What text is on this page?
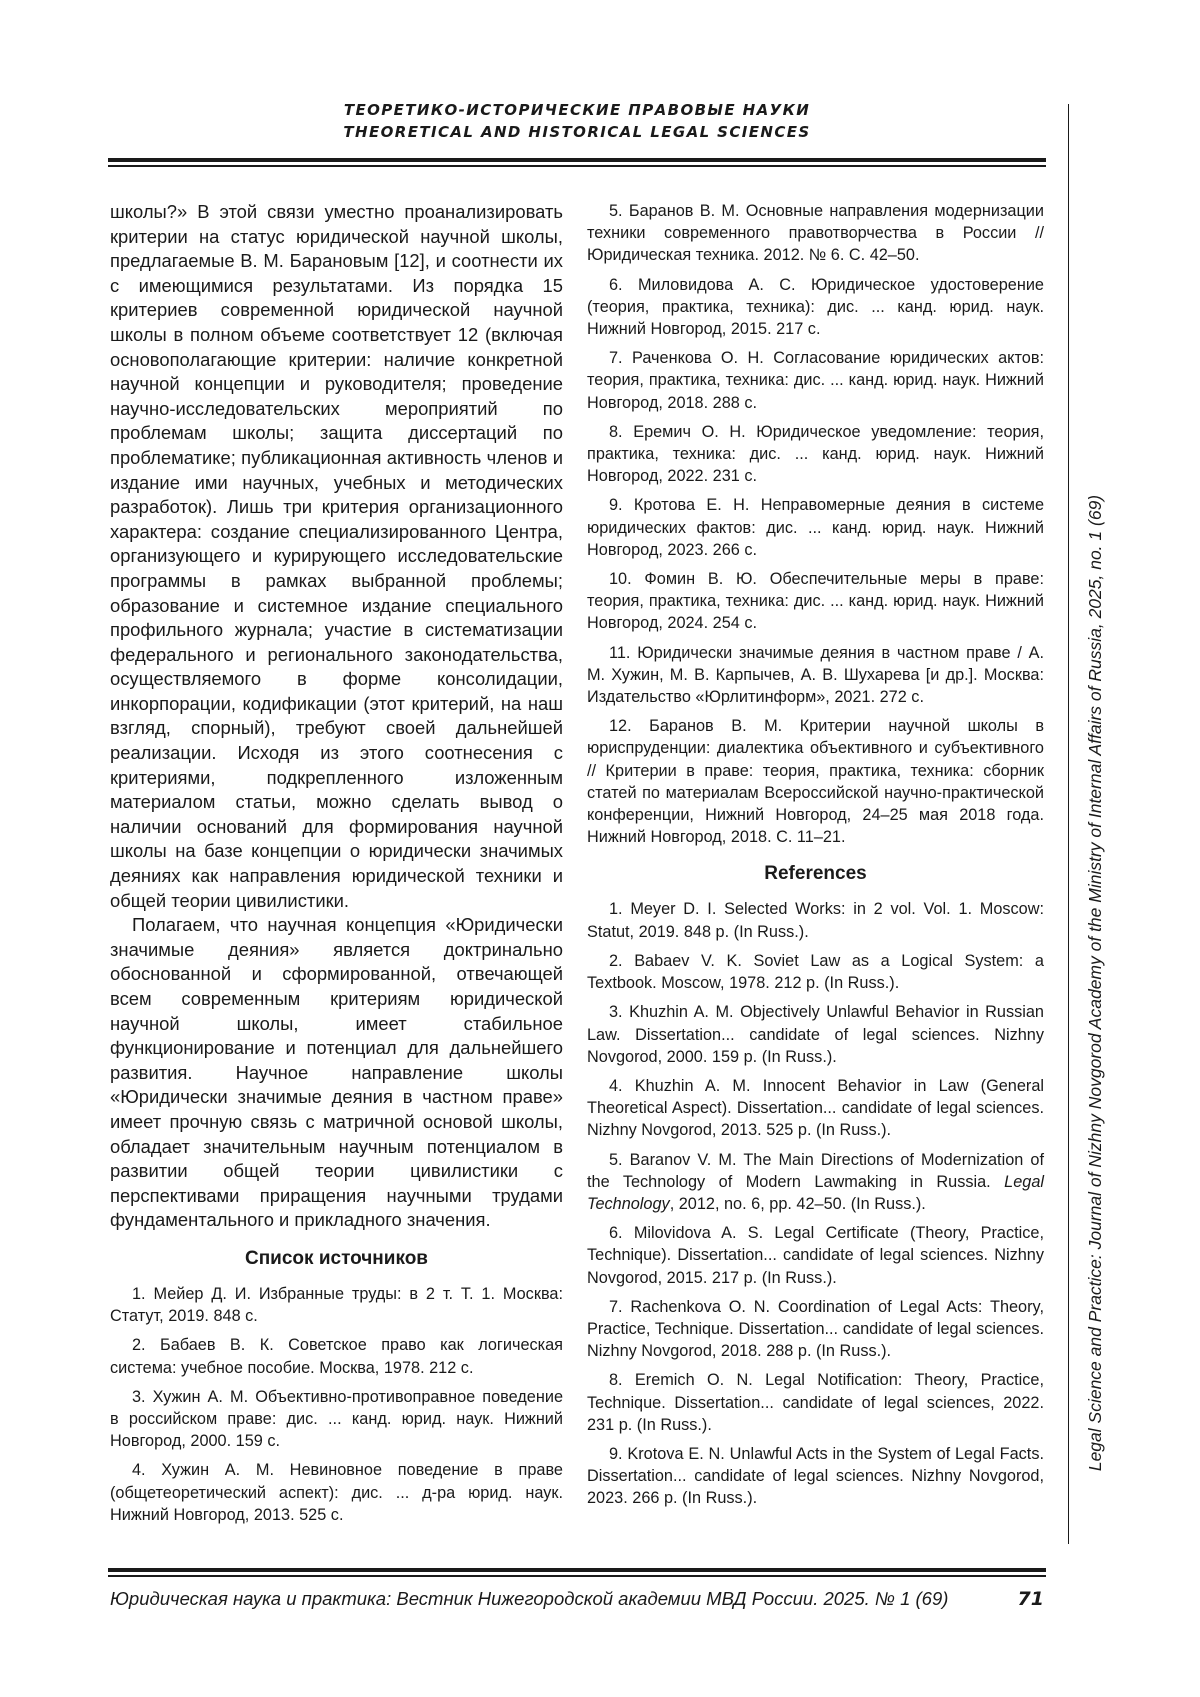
ТЕОРЕТИКО-ИСТОРИЧЕСКИЕ ПРАВОВЫЕ НАУКИ
THEORETICAL AND HISTORICAL LEGAL SCIENCES
Legal Science and Practice: Journal of Nizhny Novgorod Academy of the Ministry of Internal Affairs of Russia, 2025, no. 1 (69)

школы?» В этой связи уместно проанализировать критерии на статус юридической научной школы, предлагаемые В. М. Барановым [12], и соотнести их с имеющимися результатами. Из порядка 15 критериев современной юридической научной школы в полном объеме соответствует 12 (включая основополагающие критерии: наличие конкретной научной концепции и руководителя; проведение научно-исследовательских мероприятий по проблемам школы; защита диссертаций по проблематике; публикационная активность членов и издание ими научных, учебных и методических разработок). Лишь три критерия организационного характера: создание специализированного Центра, организующего и курирующего исследовательские программы в рамках выбранной проблемы; образование и системное издание специального профильного журнала; участие в систематизации федерального и регионального законодательства, осуществляемого в форме консолидации, инкорпорации, кодификации (этот критерий, на наш взгляд, спорный), требуют своей дальнейшей реализации. Исходя из этого соотнесения с критериями, подкрепленного изложенным материалом статьи, можно сделать вывод о наличии оснований для формирования научной школы на базе концепции о юридически значимых деяниях как направления юридической техники и общей теории цивилистики.

Полагаем, что научная концепция «Юридически значимые деяния» является доктринально обоснованной и сформированной, отвечающей всем современным критериям юридической научной школы, имеет стабильное функционирование и потенциал для дальнейшего развития. Научное направление школы «Юридически значимые деяния в частном праве» имеет прочную связь с матричной основой школы, обладает значительным научным потенциалом в развитии общей теории цивилистики с перспективами приращения научными трудами фундаментального и прикладного значения.

Список источников

1. Мейер Д. И. Избранные труды: в 2 т. Т. 1. Москва: Статут, 2019. 848 с.

2. Бабаев В. К. Советское право как логическая система: учебное пособие. Москва, 1978. 212 с.

3. Хужин А. М. Объективно-противоправное поведение в российском праве: дис. ... канд. юрид. наук. Нижний Новгород, 2000. 159 с.

4. Хужин А. М. Невиновное поведение в праве (общетеоретический аспект): дис. ... д-ра юрид. наук. Нижний Новгород, 2013. 525 с.

5. Баранов В. М. Основные направления модернизации техники современного правотворчества в России // Юридическая техника. 2012. № 6. С. 42–50.

6. Миловидова А. С. Юридическое удостоверение (теория, практика, техника): дис. ... канд. юрид. наук. Нижний Новгород, 2015. 217 с.

7. Раченкова О. Н. Согласование юридических актов: теория, практика, техника: дис. ... канд. юрид. наук. Нижний Новгород, 2018. 288 с.

8. Еремич О. Н. Юридическое уведомление: теория, практика, техника: дис. ... канд. юрид. наук. Нижний Новгород, 2022. 231 с.

9. Кротова Е. Н. Неправомерные деяния в системе юридических фактов: дис. ... канд. юрид. наук. Нижний Новгород, 2023. 266 с.

10. Фомин В. Ю. Обеспечительные меры в праве: теория, практика, техника: дис. ... канд. юрид. наук. Нижний Новгород, 2024. 254 с.

11. Юридически значимые деяния в частном праве / А. М. Хужин, М. В. Карпычев, А. В. Шухарева [и др.]. Москва: Издательство «Юрлитинформ», 2021. 272 с.

12. Баранов В. М. Критерии научной школы в юриспруденции: диалектика объективного и субъективного // Критерии в праве: теория, практика, техника: сборник статей по материалам Всероссийской научно-практической конференции, Нижний Новгород, 24–25 мая 2018 года. Нижний Новгород, 2018. С. 11–21.

References

1. Meyer D. I. Selected Works: in 2 vol. Vol. 1. Moscow: Statut, 2019. 848 p. (In Russ.).

2. Babaev V. K. Soviet Law as a Logical System: a Textbook. Moscow, 1978. 212 p. (In Russ.).

3. Khuzhin A. M. Objectively Unlawful Behavior in Russian Law. Dissertation... candidate of legal sciences. Nizhny Novgorod, 2000. 159 p. (In Russ.).

4. Khuzhin A. M. Innocent Behavior in Law (General Theoretical Aspect). Dissertation... candidate of legal sciences. Nizhny Novgorod, 2013. 525 p. (In Russ.).

5. Baranov V. M. The Main Directions of Modernization of the Technology of Modern Lawmaking in Russia. Legal Technology, 2012, no. 6, pp. 42–50. (In Russ.).

6. Milovidova A. S. Legal Certificate (Theory, Practice, Technique). Dissertation... candidate of legal sciences. Nizhny Novgorod, 2015. 217 p. (In Russ.).

7. Rachenkova O. N. Coordination of Legal Acts: Theory, Practice, Technique. Dissertation... candidate of legal sciences. Nizhny Novgorod, 2018. 288 p. (In Russ.).

8. Eremich O. N. Legal Notification: Theory, Practice, Technique. Dissertation... candidate of legal sciences, 2022. 231 p. (In Russ.).

9. Krotova E. N. Unlawful Acts in the System of Legal Facts. Dissertation... candidate of legal sciences. Nizhny Novgorod, 2023. 266 p. (In Russ.).

Юридическая наука и практика: Вестник Нижегородской академии МВД России. 2025. № 1 (69)	71
